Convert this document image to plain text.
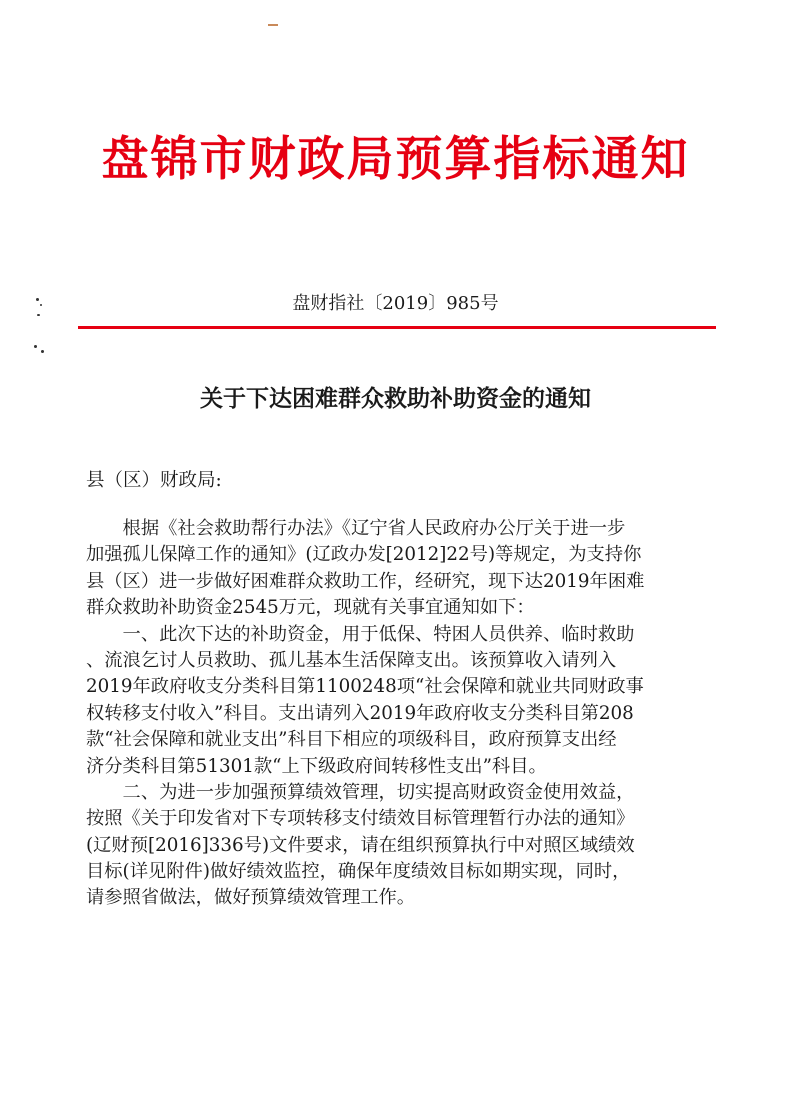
盘锦市财政局预算指标通知
盘财指社〔2019〕985号
关于下达困难群众救助补助资金的通知
县（区）财政局:
　　根据《社会救助帮行办法》《辽宁省人民政府办公厅关于进一步
加强孤儿保障工作的通知》(辽政办发[2012]22号)等规定，为支持你
县（区）进一步做好困难群众救助工作，经研究，现下达2019年困难
群众救助补助资金2545万元，现就有关事宜通知如下：
　　一、此次下达的补助资金，用于低保、特困人员供养、临时救助
、流浪乞讨人员救助、孤儿基本生活保障支出。该预算收入请列入
2019年政府收支分类科目第1100248项“社会保障和就业共同财政事
权转移支付收入”科目。支出请列入2019年政府收支分类科目第208
款“社会保障和就业支出”科目下相应的项级科目，政府预算支出经
济分类科目第51301款“上下级政府间转移性支出”科目。
　　二、为进一步加强预算绩效管理，切实提高财政资金使用效益，
按照《关于印发省对下专项转移支付绩效目标管理暂行办法的通知》
(辽财预[2016]336号)文件要求，请在组织预算执行中对照区域绩效
目标(详见附件)做好绩效监控，确保年度绩效目标如期实现，同时，
请参照省做法，做好预算绩效管理工作。
